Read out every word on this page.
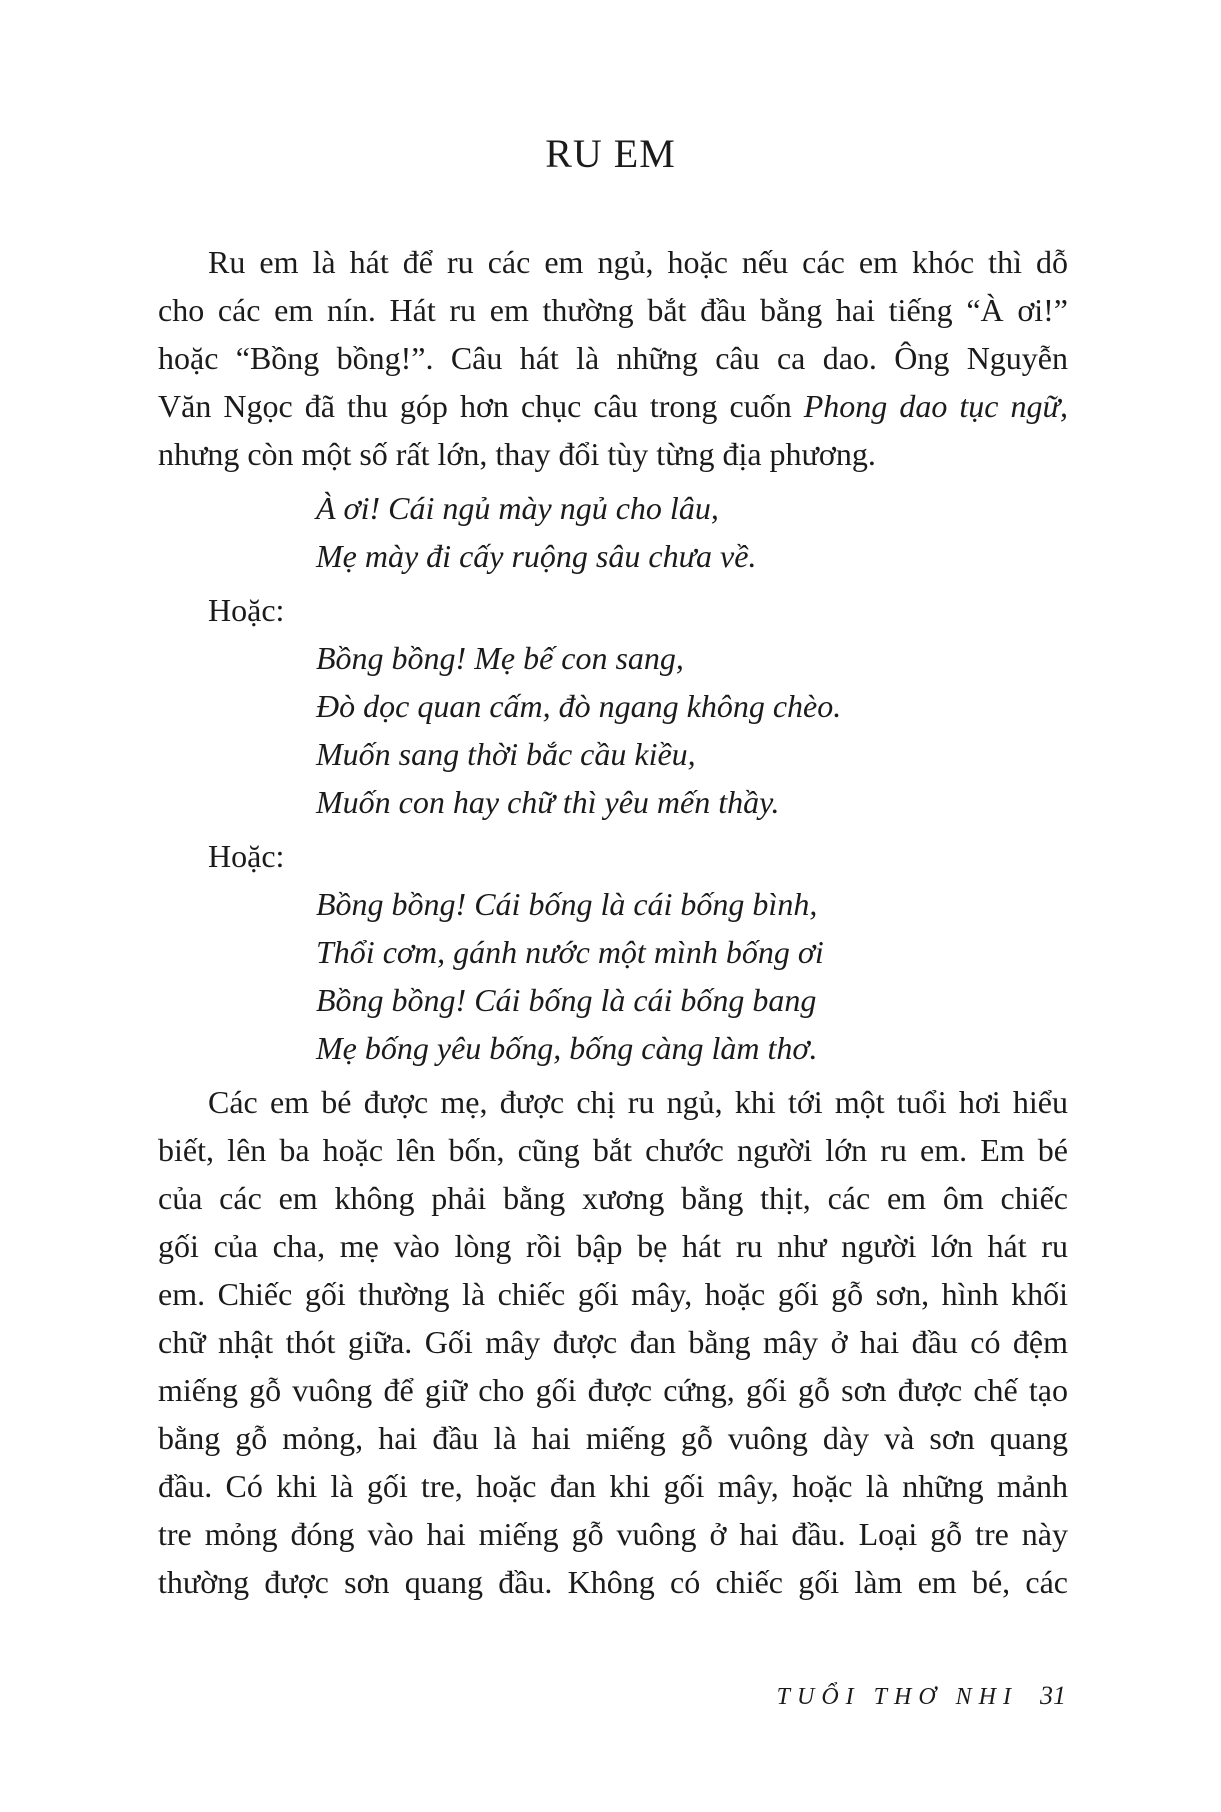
RU EM
Ru em là hát để ru các em ngủ, hoặc nếu các em khóc thì dỗ
cho các em nín. Hát ru em thường bắt đầu bằng hai tiếng “À ơi!”
hoặc “Bồng bồng!”. Câu hát là những câu ca dao. Ông Nguyễn
Văn Ngọc đã thu góp hơn chục câu trong cuốn Phong dao tục ngữ,
nhưng còn một số rất lớn, thay đổi tùy từng địa phương.
À ơi! Cái ngủ mày ngủ cho lâu,
Mẹ mày đi cấy ruộng sâu chưa về.
Hoặc:
Bồng bồng! Mẹ bế con sang,
Đò dọc quan cấm, đò ngang không chèo.
Muốn sang thời bắc cầu kiều,
Muốn con hay chữ thì yêu mến thầy.
Hoặc:
Bồng bồng! Cái bống là cái bống bình,
Thổi cơm, gánh nước một mình bống ơi
Bồng bồng! Cái bống là cái bống bang
Mẹ bống yêu bống, bống càng làm thơ.
Các em bé được mẹ, được chị ru ngủ, khi tới một tuổi hơi hiểu
biết, lên ba hoặc lên bốn, cũng bắt chước người lớn ru em. Em bé
của các em không phải bằng xương bằng thịt, các em ôm chiếc
gối của cha, mẹ vào lòng rồi bập bẹ hát ru như người lớn hát ru
em. Chiếc gối thường là chiếc gối mây, hoặc gối gỗ sơn, hình khối
chữ nhật thót giữa. Gối mây được đan bằng mây ở hai đầu có đệm
miếng gỗ vuông để giữ cho gối được cứng, gối gỗ sơn được chế tạo
bằng gỗ mỏng, hai đầu là hai miếng gỗ vuông dày và sơn quang
đầu. Có khi là gối tre, hoặc đan khi gối mây, hoặc là những mảnh
tre mỏng đóng vào hai miếng gỗ vuông ở hai đầu. Loại gỗ tre này
thường được sơn quang đầu. Không có chiếc gối làm em bé, các
TUỔI THƠ NHI 31
